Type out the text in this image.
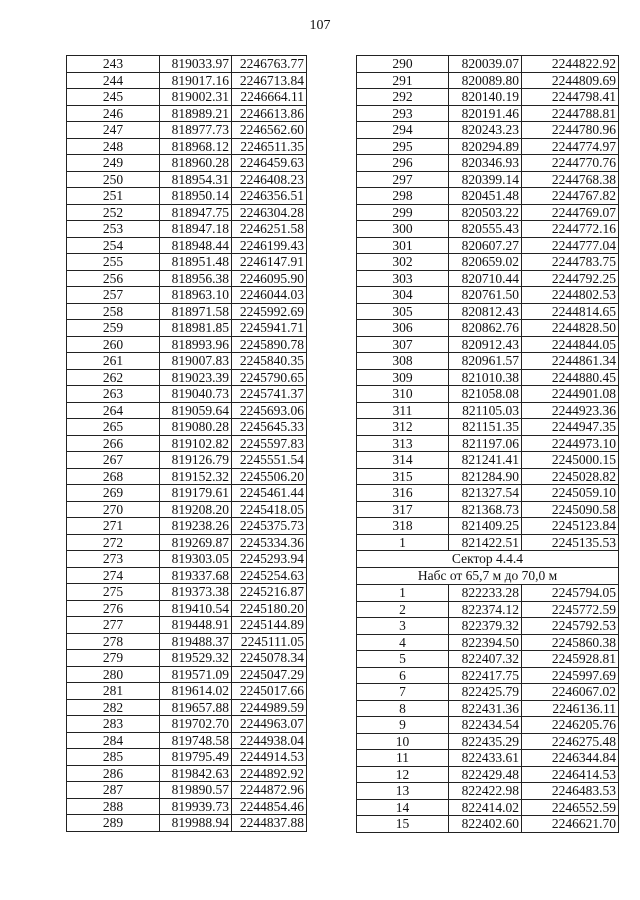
107
243	819033.97	2246763.77
244	819017.16	2246713.84
245	819002.31	2246664.11
246	818989.21	2246613.86
247	818977.73	2246562.60
248	818968.12	2246511.35
249	818960.28	2246459.63
250	818954.31	2246408.23
251	818950.14	2246356.51
252	818947.75	2246304.28
253	818947.18	2246251.58
254	818948.44	2246199.43
255	818951.48	2246147.91
256	818956.38	2246095.90
257	818963.10	2246044.03
258	818971.58	2245992.69
259	818981.85	2245941.71
260	818993.96	2245890.78
261	819007.83	2245840.35
262	819023.39	2245790.65
263	819040.73	2245741.37
264	819059.64	2245693.06
265	819080.28	2245645.33
266	819102.82	2245597.83
267	819126.79	2245551.54
268	819152.32	2245506.20
269	819179.61	2245461.44
270	819208.20	2245418.05
271	819238.26	2245375.73
272	819269.87	2245334.36
273	819303.05	2245293.94
274	819337.68	2245254.63
275	819373.38	2245216.87
276	819410.54	2245180.20
277	819448.91	2245144.89
278	819488.37	2245111.05
279	819529.32	2245078.34
280	819571.09	2245047.29
281	819614.02	2245017.66
282	819657.88	2244989.59
283	819702.70	2244963.07
284	819748.58	2244938.04
285	819795.49	2244914.53
286	819842.63	2244892.92
287	819890.57	2244872.96
288	819939.73	2244854.46
289	819988.94	2244837.88
290	820039.07	2244822.92
291	820089.80	2244809.69
292	820140.19	2244798.41
293	820191.46	2244788.81
294	820243.23	2244780.96
295	820294.89	2244774.97
296	820346.93	2244770.76
297	820399.14	2244768.38
298	820451.48	2244767.82
299	820503.22	2244769.07
300	820555.43	2244772.16
301	820607.27	2244777.04
302	820659.02	2244783.75
303	820710.44	2244792.25
304	820761.50	2244802.53
305	820812.43	2244814.65
306	820862.76	2244828.50
307	820912.43	2244844.05
308	820961.57	2244861.34
309	821010.38	2244880.45
310	821058.08	2244901.08
311	821105.03	2244923.36
312	821151.35	2244947.35
313	821197.06	2244973.10
314	821241.41	2245000.15
315	821284.90	2245028.82
316	821327.54	2245059.10
317	821368.73	2245090.58
318	821409.25	2245123.84
1	821422.51	2245135.53
Сектор 4.4.4		
Набс от 65,7 м до 70,0 м		
1	822233.28	2245794.05
2	822374.12	2245772.59
3	822379.32	2245792.53
4	822394.50	2245860.38
5	822407.32	2245928.81
6	822417.75	2245997.69
7	822425.79	2246067.02
8	822431.36	2246136.11
9	822434.54	2246205.76
10	822435.29	2246275.48
11	822433.61	2246344.84
12	822429.48	2246414.53
13	822422.98	2246483.53
14	822414.02	2246552.59
15	822402.60	2246621.70
